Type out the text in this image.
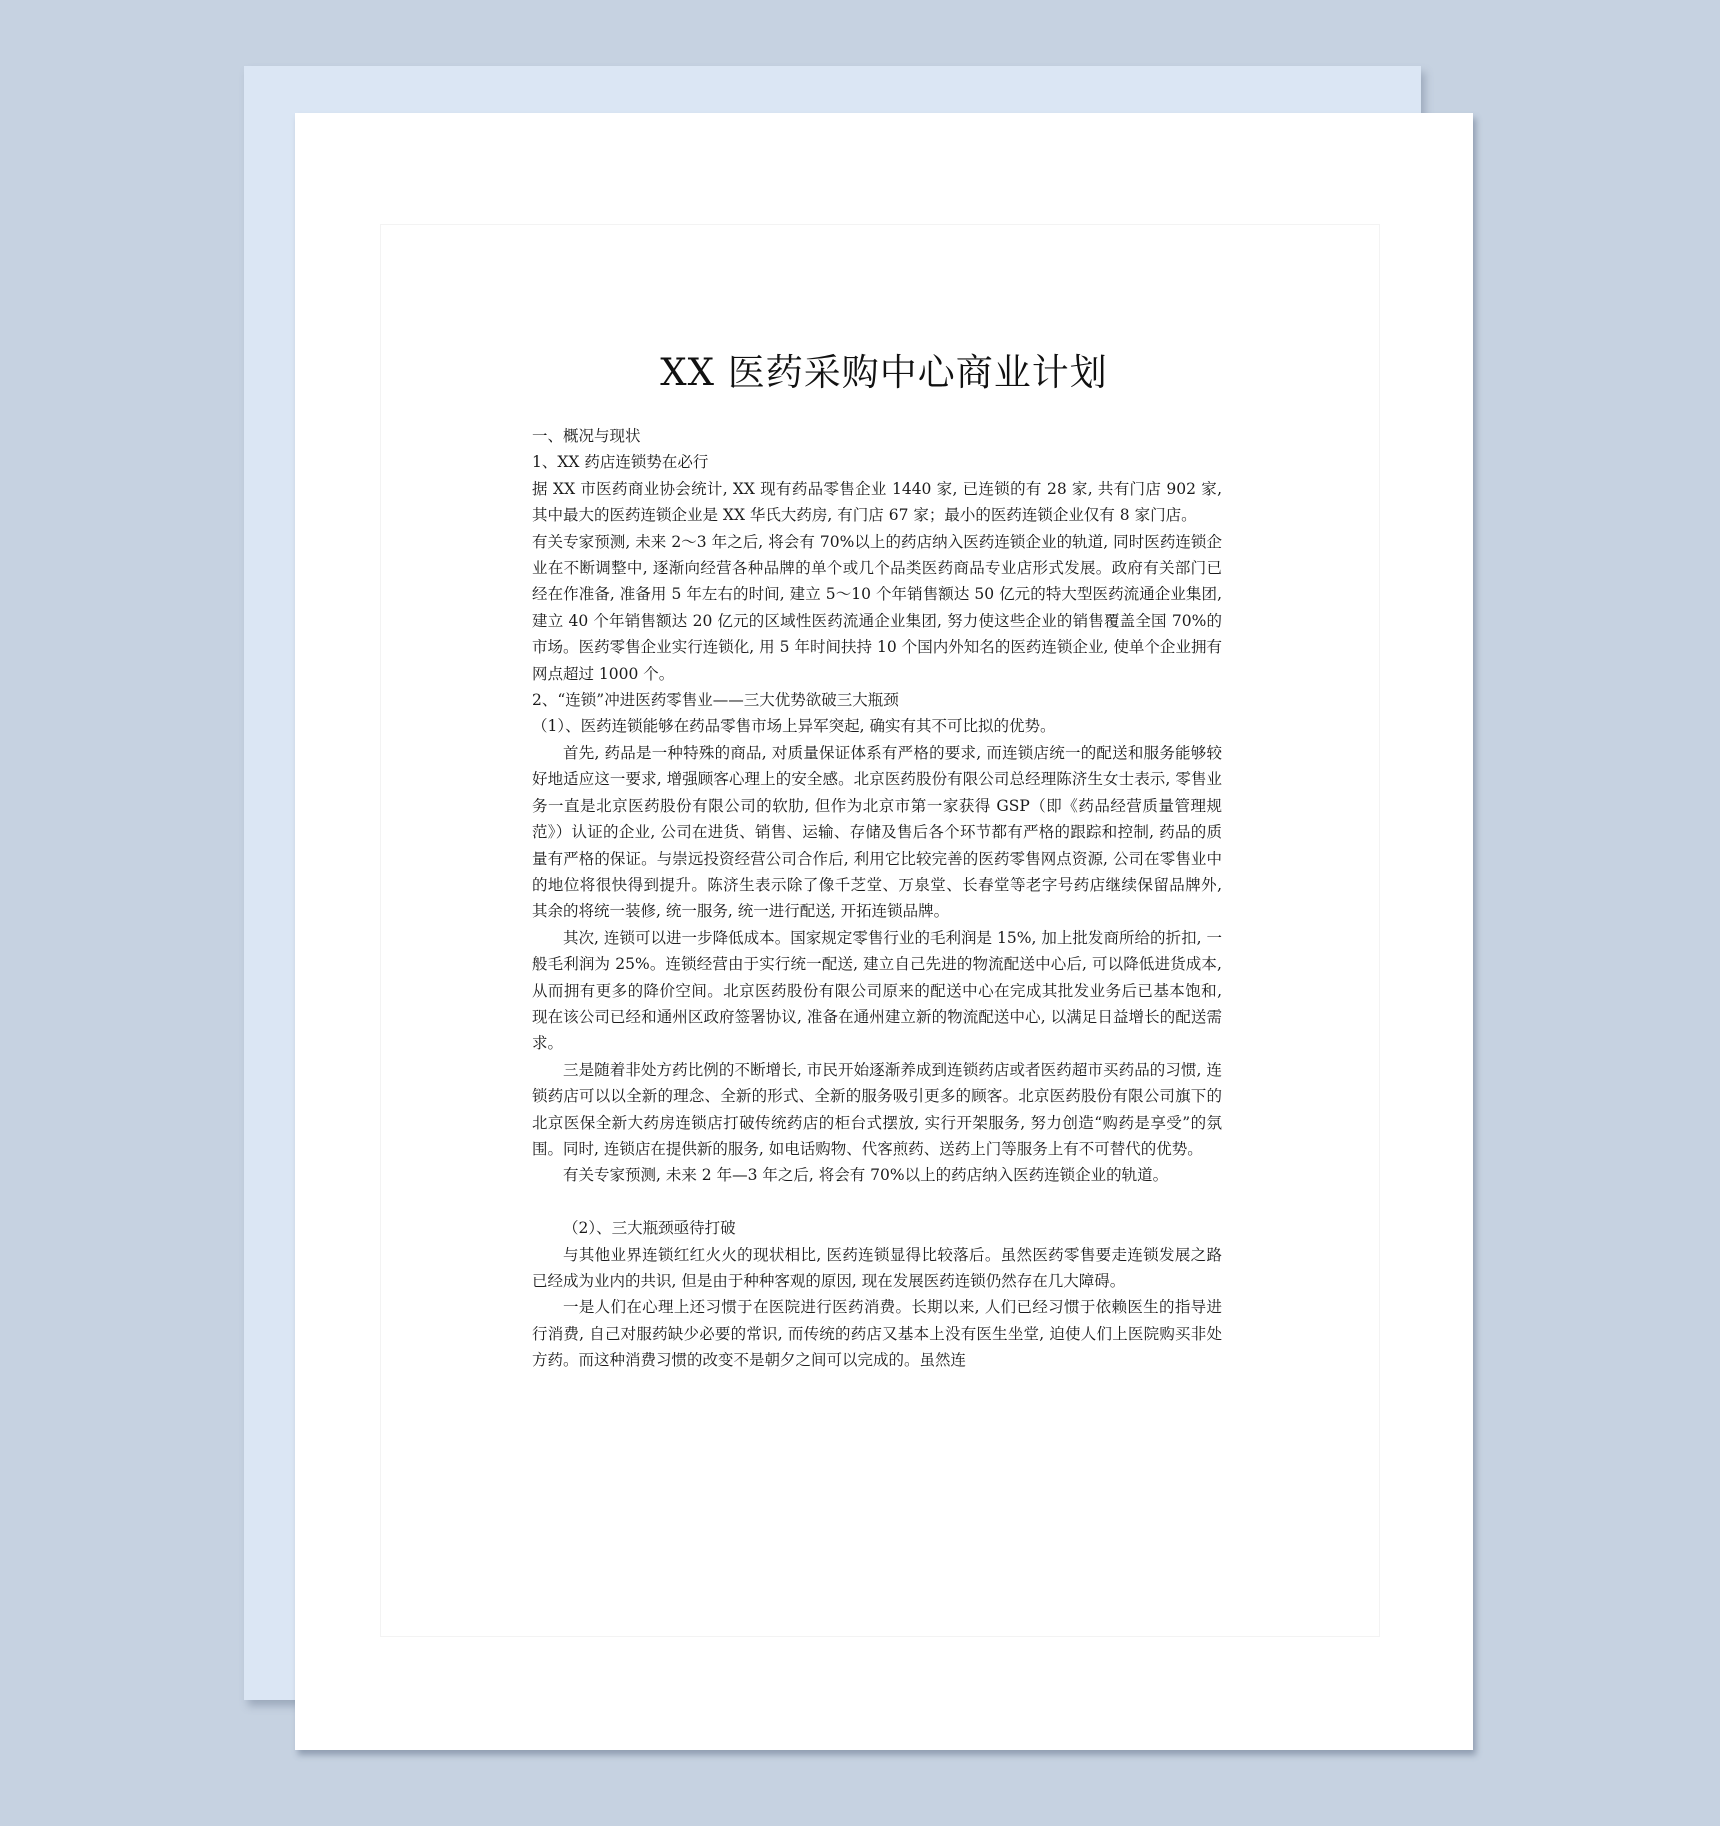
XX 医药采购中心商业计划

一、概况与现状

1、XX 药店连锁势在必行

据 XX 市医药商业协会统计, XX 现有药品零售企业 1440 家, 已连锁的有 28 家, 共有门店 902 家, 其中最大的医药连锁企业是 XX 华氏大药房, 有门店 67 家；最小的医药连锁企业仅有 8 家门店。

有关专家预测, 未来 2～3 年之后, 将会有 70%以上的药店纳入医药连锁企业的轨道, 同时医药连锁企业在不断调整中, 逐渐向经营各种品牌的单个或几个品类医药商品专业店形式发展。政府有关部门已经在作准备, 准备用 5 年左右的时间, 建立 5～10 个年销售额达 50 亿元的特大型医药流通企业集团, 建立 40 个年销售额达 20 亿元的区域性医药流通企业集团, 努力使这些企业的销售覆盖全国 70%的市场。医药零售企业实行连锁化, 用 5 年时间扶持 10 个国内外知名的医药连锁企业, 使单个企业拥有网点超过 1000 个。

2、“连锁”冲进医药零售业——三大优势欲破三大瓶颈

（1）、医药连锁能够在药品零售市场上异军突起, 确实有其不可比拟的优势。

首先, 药品是一种特殊的商品, 对质量保证体系有严格的要求, 而连锁店统一的配送和服务能够较好地适应这一要求, 增强顾客心理上的安全感。北京医药股份有限公司总经理陈济生女士表示, 零售业务一直是北京医药股份有限公司的软肋, 但作为北京市第一家获得 GSP（即《药品经营质量管理规范》）认证的企业, 公司在进货、销售、运输、存储及售后各个环节都有严格的跟踪和控制, 药品的质量有严格的保证。与崇远投资经营公司合作后, 利用它比较完善的医药零售网点资源, 公司在零售业中的地位将很快得到提升。陈济生表示除了像千芝堂、万泉堂、长春堂等老字号药店继续保留品牌外, 其余的将统一装修, 统一服务, 统一进行配送, 开拓连锁品牌。

其次, 连锁可以进一步降低成本。国家规定零售行业的毛利润是 15%, 加上批发商所给的折扣, 一般毛利润为 25%。连锁经营由于实行统一配送, 建立自己先进的物流配送中心后, 可以降低进货成本, 从而拥有更多的降价空间。北京医药股份有限公司原来的配送中心在完成其批发业务后已基本饱和, 现在该公司已经和通州区政府签署协议, 准备在通州建立新的物流配送中心, 以满足日益增长的配送需求。

三是随着非处方药比例的不断增长, 市民开始逐渐养成到连锁药店或者医药超市买药品的习惯, 连锁药店可以以全新的理念、全新的形式、全新的服务吸引更多的顾客。北京医药股份有限公司旗下的北京医保全新大药房连锁店打破传统药店的柜台式摆放, 实行开架服务, 努力创造“购药是享受”的氛围。同时, 连锁店在提供新的服务, 如电话购物、代客煎药、送药上门等服务上有不可替代的优势。

有关专家预测, 未来 2 年—3 年之后, 将会有 70%以上的药店纳入医药连锁企业的轨道。

（2）、三大瓶颈亟待打破

与其他业界连锁红红火火的现状相比, 医药连锁显得比较落后。虽然医药零售要走连锁发展之路已经成为业内的共识, 但是由于种种客观的原因, 现在发展医药连锁仍然存在几大障碍。

一是人们在心理上还习惯于在医院进行医药消费。长期以来, 人们已经习惯于依赖医生的指导进行消费, 自己对服药缺少必要的常识, 而传统的药店又基本上没有医生坐堂, 迫使人们上医院购买非处方药。而这种消费习惯的改变不是朝夕之间可以完成的。虽然连
